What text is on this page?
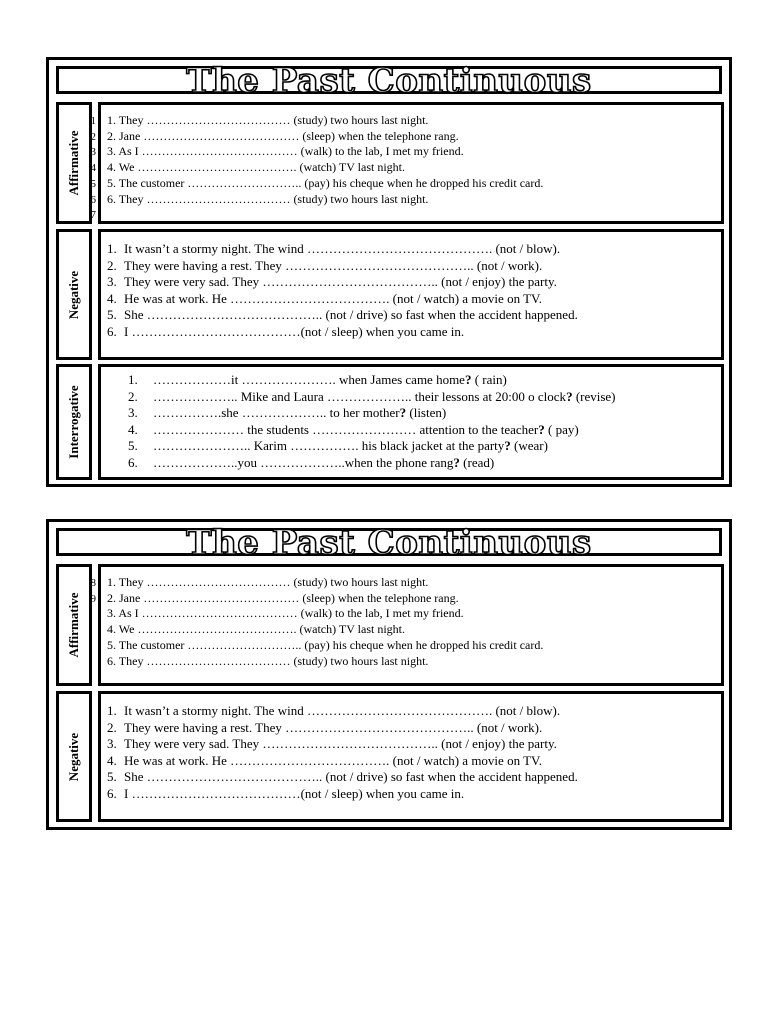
The Past Continuous
Affirmative
1
2
3
4
5
6
7
1. They ……………………………… (study) two hours last night.
2. Jane ………………………………… (sleep) when the telephone rang.
3. As I ………………………………… (walk) to the lab, I met my friend.
4. We …………………………………. (watch) TV last night.
5. The customer ……………………….. (pay) his cheque when he dropped his credit card.
6. They ……………………………… (study) two hours last night.
Negative
1. It wasn’t a stormy night. The wind ……………………………………. (not / blow).
2. They were having a rest. They …………………………………….. (not / work).
3. They were very sad. They ………………………………….. (not / enjoy) the party.
4. He was at work. He ………………………………. (not / watch) a movie on TV.
5. She ………………………………….. (not / drive) so fast when the accident happened.
6. I …………………………………(not / sleep) when you came in.
Interrogative
1. ………………it …………………. when James came home? ( rain)
2. ……………….. Mike and Laura ……………….. their lessons at 20:00 o clock? (revise)
3. …………….she ……………….. to her mother? (listen)
4. ………………… the students …………………… attention to the teacher? ( pay)
5. ………………….. Karim ……………. his black jacket at the party? (wear)
6. ………………..you ………………..when the phone rang? (read)
The Past Continuous
Affirmative
8
9
1. They ……………………………… (study) two hours last night.
2. Jane ………………………………… (sleep) when the telephone rang.
3. As I ………………………………… (walk) to the lab, I met my friend.
4. We …………………………………. (watch) TV last night.
5. The customer ……………………….. (pay) his cheque when he dropped his credit card.
6. They ……………………………… (study) two hours last night.
Negative
1. It wasn’t a stormy night. The wind ……………………………………. (not / blow).
2. They were having a rest. They …………………………………….. (not / work).
3. They were very sad. They ………………………………….. (not / enjoy) the party.
4. He was at work. He ………………………………. (not / watch) a movie on TV.
5. She ………………………………….. (not / drive) so fast when the accident happened.
6. I …………………………………(not / sleep) when you came in.
